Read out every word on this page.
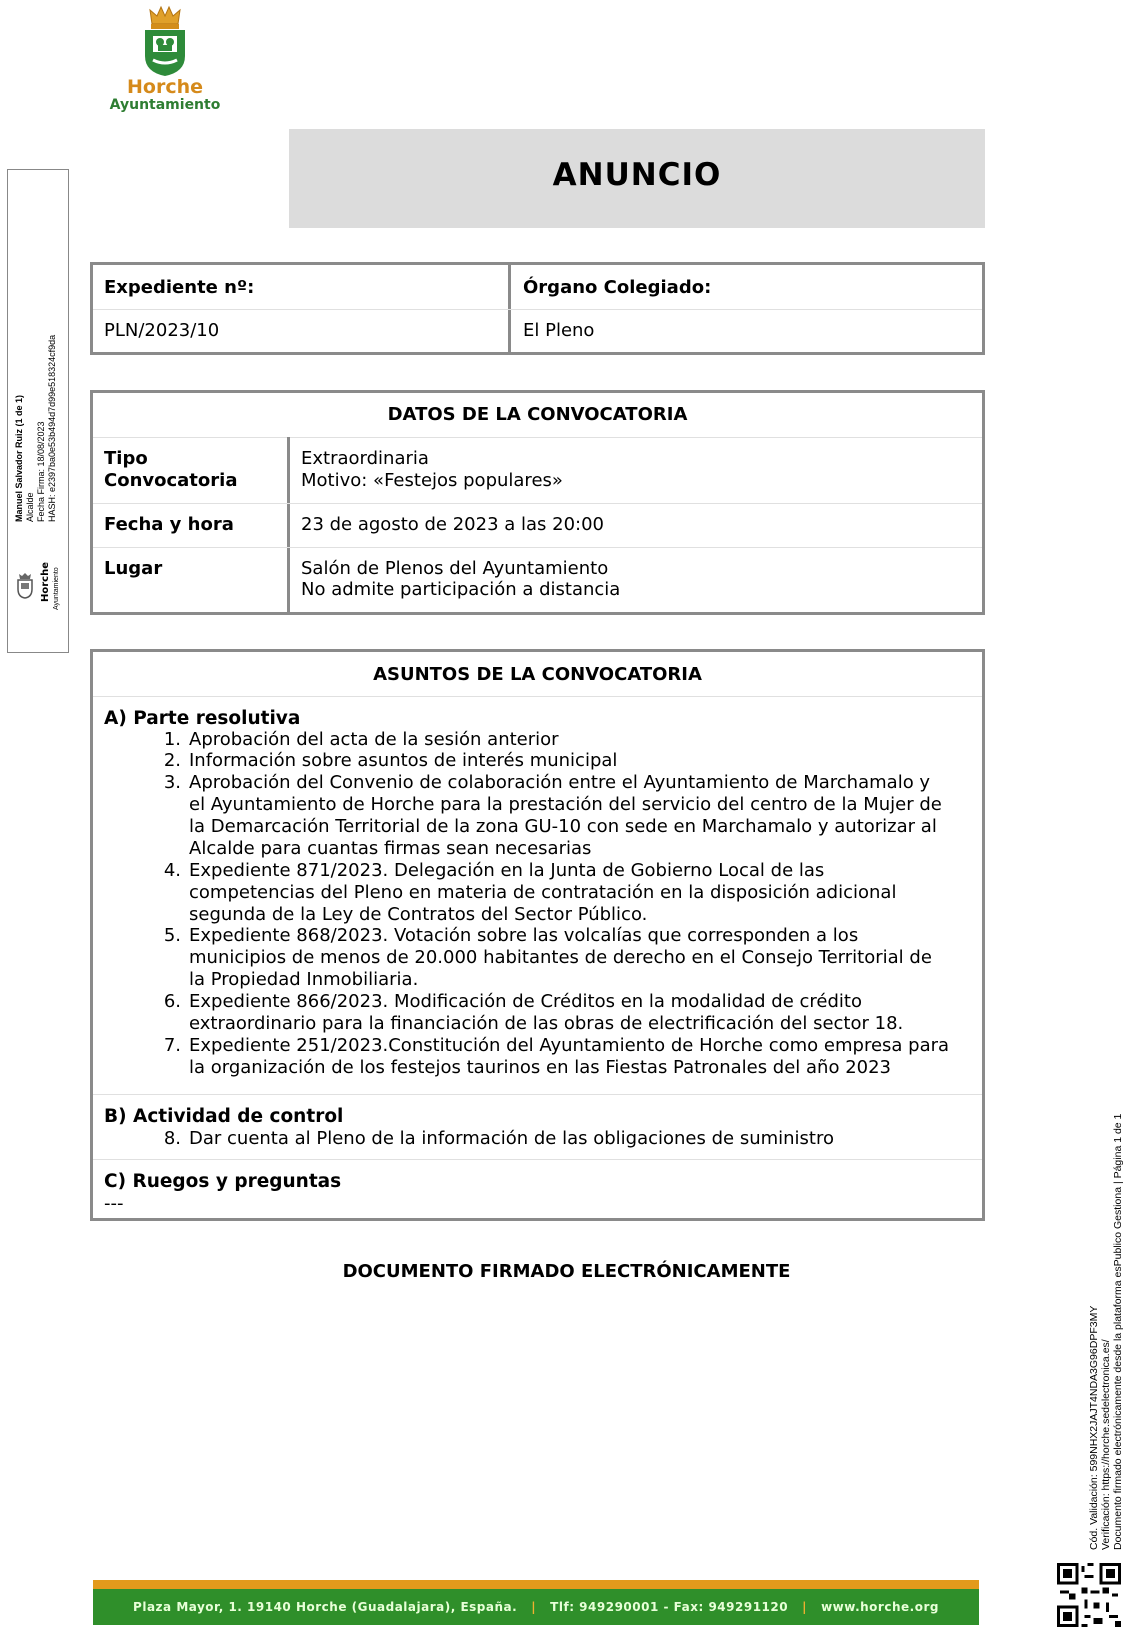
Horche
Ayuntamiento
Manuel Salvador Ruiz (1 de 1) Alcalde Fecha Firma: 18/08/2023 HASH: e2397ba0e53b494d7d99e518324cf9da
Horche Ayuntamiento
ANUNCIO
Expediente nº:
PLN/2023/10
Órgano Colegiado:
El Pleno
DATOS DE LA CONVOCATORIA
Tipo
Convocatoria
Extraordinaria
Motivo: «Festejos populares»
Fecha y hora	23 de agosto de 2023 a las 20:00
Lugar	Salón de Plenos del Ayuntamiento
No admite participación a distancia
ASUNTOS DE LA CONVOCATORIA
A) Parte resolutiva
1. Aprobación del acta de la sesión anterior
2. Información sobre asuntos de interés municipal
3. Aprobación del Convenio de colaboración entre el Ayuntamiento de Marchamalo y
el Ayuntamiento de Horche para la prestación del servicio del centro de la Mujer de
la Demarcación Territorial de la zona GU-10 con sede en Marchamalo y autorizar al
Alcalde para cuantas firmas sean necesarias
4. Expediente 871/2023. Delegación en la Junta de Gobierno Local de las
competencias del Pleno en materia de contratación en la disposición adicional
segunda de la Ley de Contratos del Sector Público.
5. Expediente 868/2023. Votación sobre las volcalías que corresponden a los
municipios de menos de 20.000 habitantes de derecho en el Consejo Territorial de
la Propiedad Inmobiliaria.
6. Expediente 866/2023. Modificación de Créditos en la modalidad de crédito
extraordinario para la financiación de las obras de electrificación del sector 18.
7. Expediente 251/2023.Constitución del Ayuntamiento de Horche como empresa para
la organización de los festejos taurinos en las Fiestas Patronales del año 2023
B) Actividad de control
8. Dar cuenta al Pleno de la información de las obligaciones de suministro
C) Ruegos y preguntas
---
DOCUMENTO FIRMADO ELECTRÓNICAMENTE
Cód. Validación: 599NHX2JAJT4NDA3G96DPF3MY Verificación: https://horche.sedelectronica.es/ Documento firmado electrónicamente desde la plataforma esPublico Gestiona | Página 1 de 1
Plaza Mayor, 1. 19140 Horche (Guadalajara), España. | Tlf: 949290001 - Fax: 949291120 | www.horche.org
